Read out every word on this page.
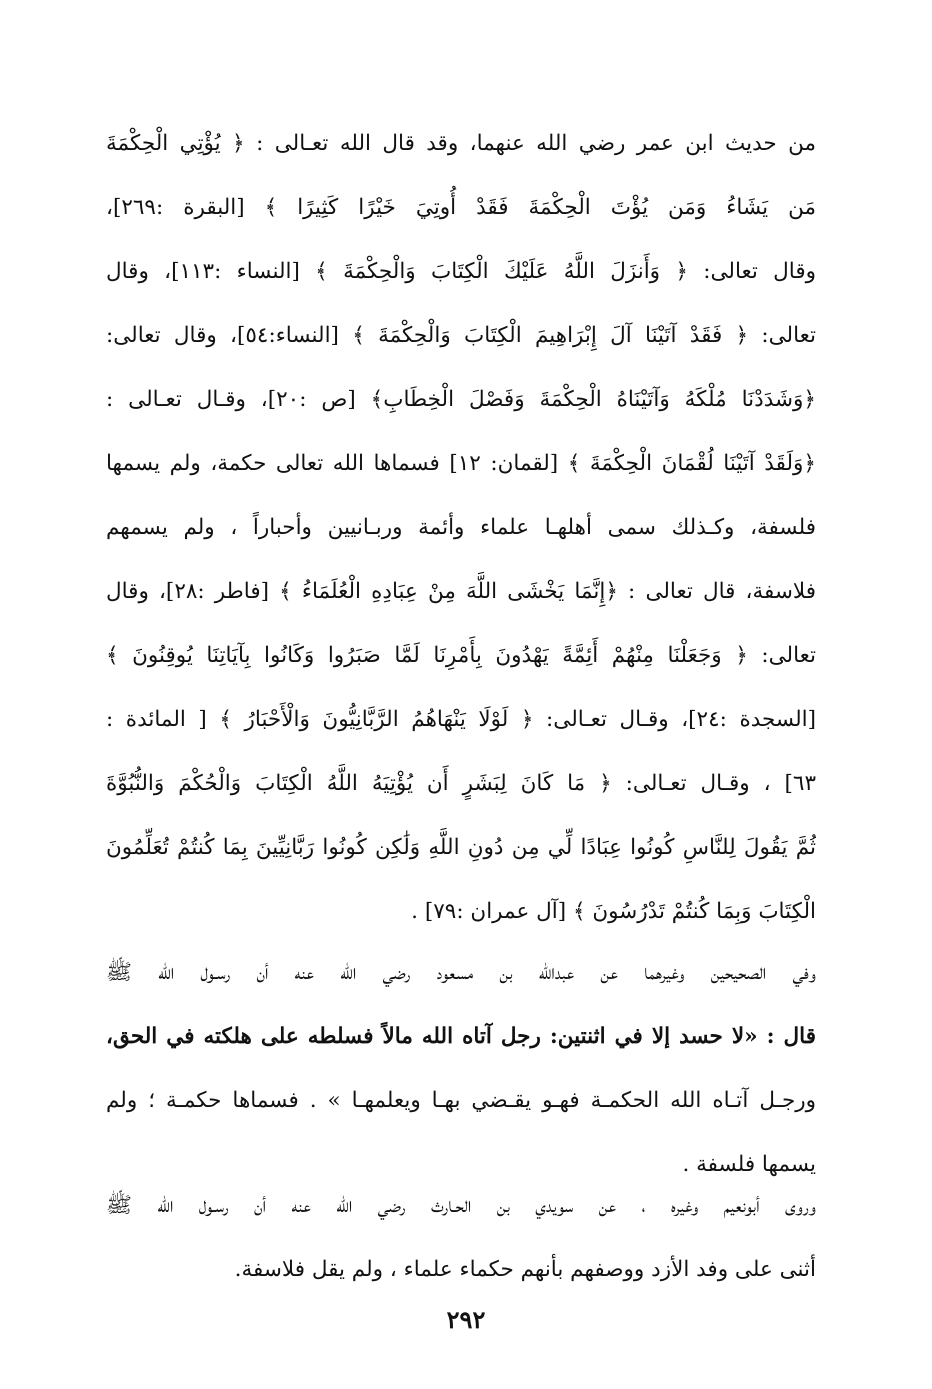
من حديث ابن عمر رضي الله عنهما، وقد قال الله تعـالى : ﴿ يُؤْتِي الْحِكْمَةَ
مَن يَشَاءُ وَمَن يُؤْتَ الْحِكْمَةَ فَقَدْ أُوتِيَ خَيْرًا كَثِيرًا ﴾ [البقرة :٢٦٩]،
وقال تعالى: ﴿ وَأَنزَلَ اللَّهُ عَلَيْكَ الْكِتَابَ وَالْحِكْمَةَ ﴾ [النساء :١١٣]، وقال
تعالى: ﴿ فَقَدْ آتَيْنَا آلَ إِبْرَاهِيمَ الْكِتَابَ وَالْحِكْمَةَ ﴾ [النساء:٥٤]، وقال تعالى:
﴿وَشَدَدْنَا مُلْكَهُ وَآتَيْنَاهُ الْحِكْمَةَ وَفَصْلَ الْخِطَابِ﴾ [ص :٢٠]، وقـال تعـالى :
﴿وَلَقَدْ آتَيْنَا لُقْمَانَ الْحِكْمَةَ ﴾ [لقمان: ١٢] فسماها الله تعالى حكمة، ولم يسمها
فلسفة، وكـذلك سمى أهلهـا علماء وأئمة وربـانيين وأحباراً ، ولم يسمهم
فلاسفة، قال تعالى : ﴿إِنَّمَا يَخْشَى اللَّهَ مِنْ عِبَادِهِ الْعُلَمَاءُ ﴾ [فاطر :٢٨]، وقال
تعالى: ﴿ وَجَعَلْنَا مِنْهُمْ أَئِمَّةً يَهْدُونَ بِأَمْرِنَا لَمَّا صَبَرُوا وَكَانُوا بِآيَاتِنَا يُوقِنُونَ ﴾
[السجدة :٢٤]، وقـال تعـالى: ﴿ لَوْلَا يَنْهَاهُمُ الرَّبَّانِيُّونَ وَالْأَحْبَارُ ﴾ [ المائدة :
٦٣] ، وقـال تعـالى: ﴿ مَا كَانَ لِبَشَرٍ أَن يُؤْتِيَهُ اللَّهُ الْكِتَابَ وَالْحُكْمَ وَالنُّبُوَّةَ
ثُمَّ يَقُولَ لِلنَّاسِ كُونُوا عِبَادًا لِّي مِن دُونِ اللَّهِ وَلَٰكِن كُونُوا رَبَّانِيِّينَ بِمَا كُنتُمْ تُعَلِّمُونَ
الْكِتَابَ وَبِمَا كُنتُمْ تَدْرُسُونَ ﴾ [آل عمران :٧٩] .
وفي الصحيحين وغيرهما عن عبدالله بن مسعود رضي الله عنه أن رسـول الله ﷺ
قال : «لا حسد إلا في اثنتين: رجل آتاه الله مالاً فسلطه على هلكته في الحق،
ورجـل آتـاه الله الحكمـة فهـو يقـضي بهـا ويعلمهـا » . فسماها حكمـة ؛ ولم
يسمها فلسفة .
وروى أبونعيم وغيره ، عن سويدي بن الحـارث رضي الله عنه أن رسـول الله ﷺ
أثنى على وفد الأزد ووصفهم بأنهم حكماء علماء ، ولم يقل فلاسفة.
٢٩٢
